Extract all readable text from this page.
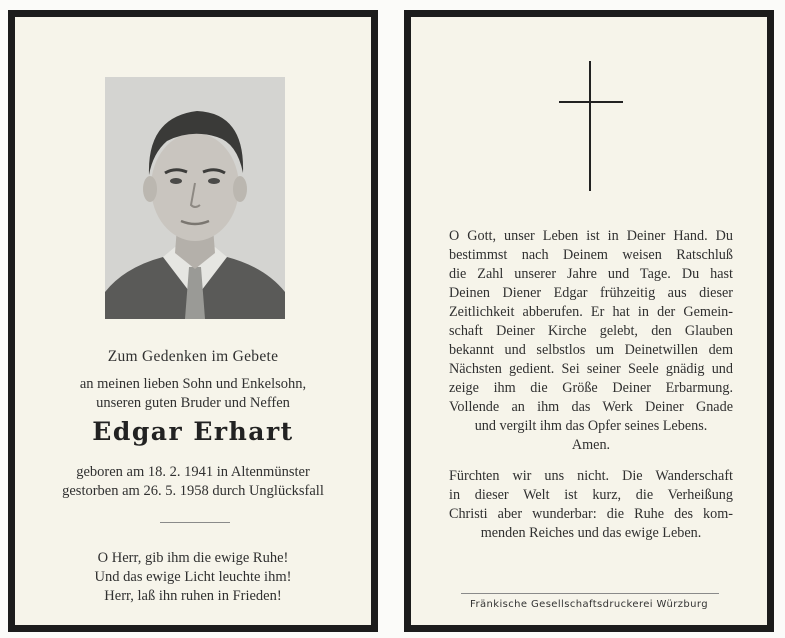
Zum Gedenken im Gebete
an meinen lieben Sohn und Enkelsohn,
unseren guten Bruder und Neffen
Edgar Erhart
geboren am 18. 2. 1941 in Altenmünster
gestorben am 26. 5. 1958 durch Unglücksfall
O Herr, gib ihm die ewige Ruhe!
Und das ewige Licht leuchte ihm!
Herr, laß ihn ruhen in Frieden!
O Gott, unser Leben ist in Deiner Hand. Du
bestimmst nach Deinem weisen Ratschluß
die Zahl unserer Jahre und Tage. Du hast
Deinen Diener Edgar frühzeitig aus dieser
Zeitlichkeit abberufen. Er hat in der Gemein-
schaft Deiner Kirche gelebt, den Glauben
bekannt und selbstlos um Deinetwillen dem
Nächsten gedient. Sei seiner Seele gnädig und
zeige ihm die Größe Deiner Erbarmung.
Vollende an ihm das Werk Deiner Gnade
und vergilt ihm das Opfer seines Lebens.
Amen.
Fürchten wir uns nicht. Die Wanderschaft
in dieser Welt ist kurz, die Verheißung
Christi aber wunderbar: die Ruhe des kom-
menden Reiches und das ewige Leben.
Fränkische Gesellschaftsdruckerei Würzburg
